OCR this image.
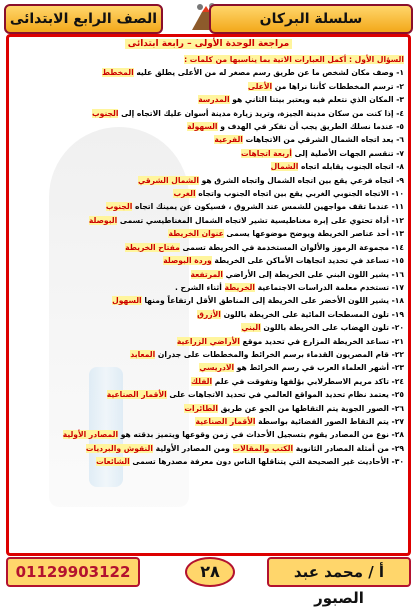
الصف الرابع الابتدائى	سلسلة البركان
مراجعة الوحدة الأولى – رابعة ابتدائى
السؤال الأول : أكمل العبارات الاتية بما يناسبها من كلمات :
١- وصف مكان لشخص ما عن طريق رسم مصغر له من الأعلى يطلق عليه المخطط
٢- ترسم المخططات كأننا نراها من الأعلى
٣- المكان الذي نتعلم فيه ويعتبر بيتنا الثاني هو المدرسة
٤- إذا كنت من سكان مدينة الجيزة، وتريد زيارة مدينة أسوان عليك الاتجاه إلى الجنوب
٥- عندما نسلك الطريق يجب أن نفكر في الهدف و السهولة
٦- يعد اتجاه الشمال الشرقي من الاتجاهات الفرعية
٧- تنقسم الجهات الأصلية إلى أربعة اتجاهات
٨- اتجاه الجنوب يقابله اتجاه الشمال
٩- اتجاه فرعي يقع بين اتجاه الشمال واتجاه الشرق هو الشمال الشرقي
١٠- الاتجاه الجنوبي الغربي يقع بين اتجاه الجنوب واتجاه الغرب
١١- عندما تقف مواجهين للشمس عند الشروق ، فسيكون عن يمينك اتجاه الجنوب
١٢- أداة تحتوي على إبرة مغناطيسية تشير لاتجاه الشمال المغناطيسي تسمى البوصلة
١٣- أحد عناصر الخريطة ويوضح موضوعها يسمى عنوان الخريطة
١٤- مجموعة الرموز والألوان المستخدمة في الخريطة تسمى مفتاح الخريطة
١٥- تساعد في تحديد اتجاهات الأماكن على الخريطة وردة البوصلة
١٦- يشير اللون البني على الخريطة إلى الأراضي المرتفعة
١٧- تستخدم معلمة الدراسات الاجتماعية الخريطة أثناء الشرح .
١٨- يشير اللون الأخضر على الخريطة إلى المناطق الأقل ارتفاعاً ومنها السهول
١٩- تلون المسطحات المائية على الخريطة باللون الأزرق
٢٠- تلون الهضاب على الخريطة باللون البني
٢١- تساعد الخريطة المزارع في تحديد موقع الأراضي الزراعية
٢٢- قام المصريون القدماء برسم الخرائط والمخططات على جدران المعابد
٢٣- أشهر العلماء العرب في رسم الخرائط هو الادريسي
٢٤- تاكد مريم الاسطرلابي بؤلفها وتفوقت في علم الفلك
٢٥- يعتمد نظام تحديد المواقع العالمي في تحديد الاتجاهات على الأقمار الصناعية
٢٦- الصور الجوية يتم التقاطها من الجو عن طريق الطائرات
٢٧- يتم التقاط الصور الفضائية بواسطة الأقمار الصناعية
٢٨- نوع من المصادر يقوم بتسجيل الأحداث في زمن وقوعها ويتميز بدقته هو المصادر الأولية
٢٩- من أمثلة المصادر الثانوية الكتب والمقالات ومن المصادر الأولية النقوش والبرديات
٣٠- الأحاديث غير الصحيحة التي يتناقلها الناس دون معرفة مصدرها تسمى الشائعات
01129903122	٢٨	أ / محمد عبد الصبور
